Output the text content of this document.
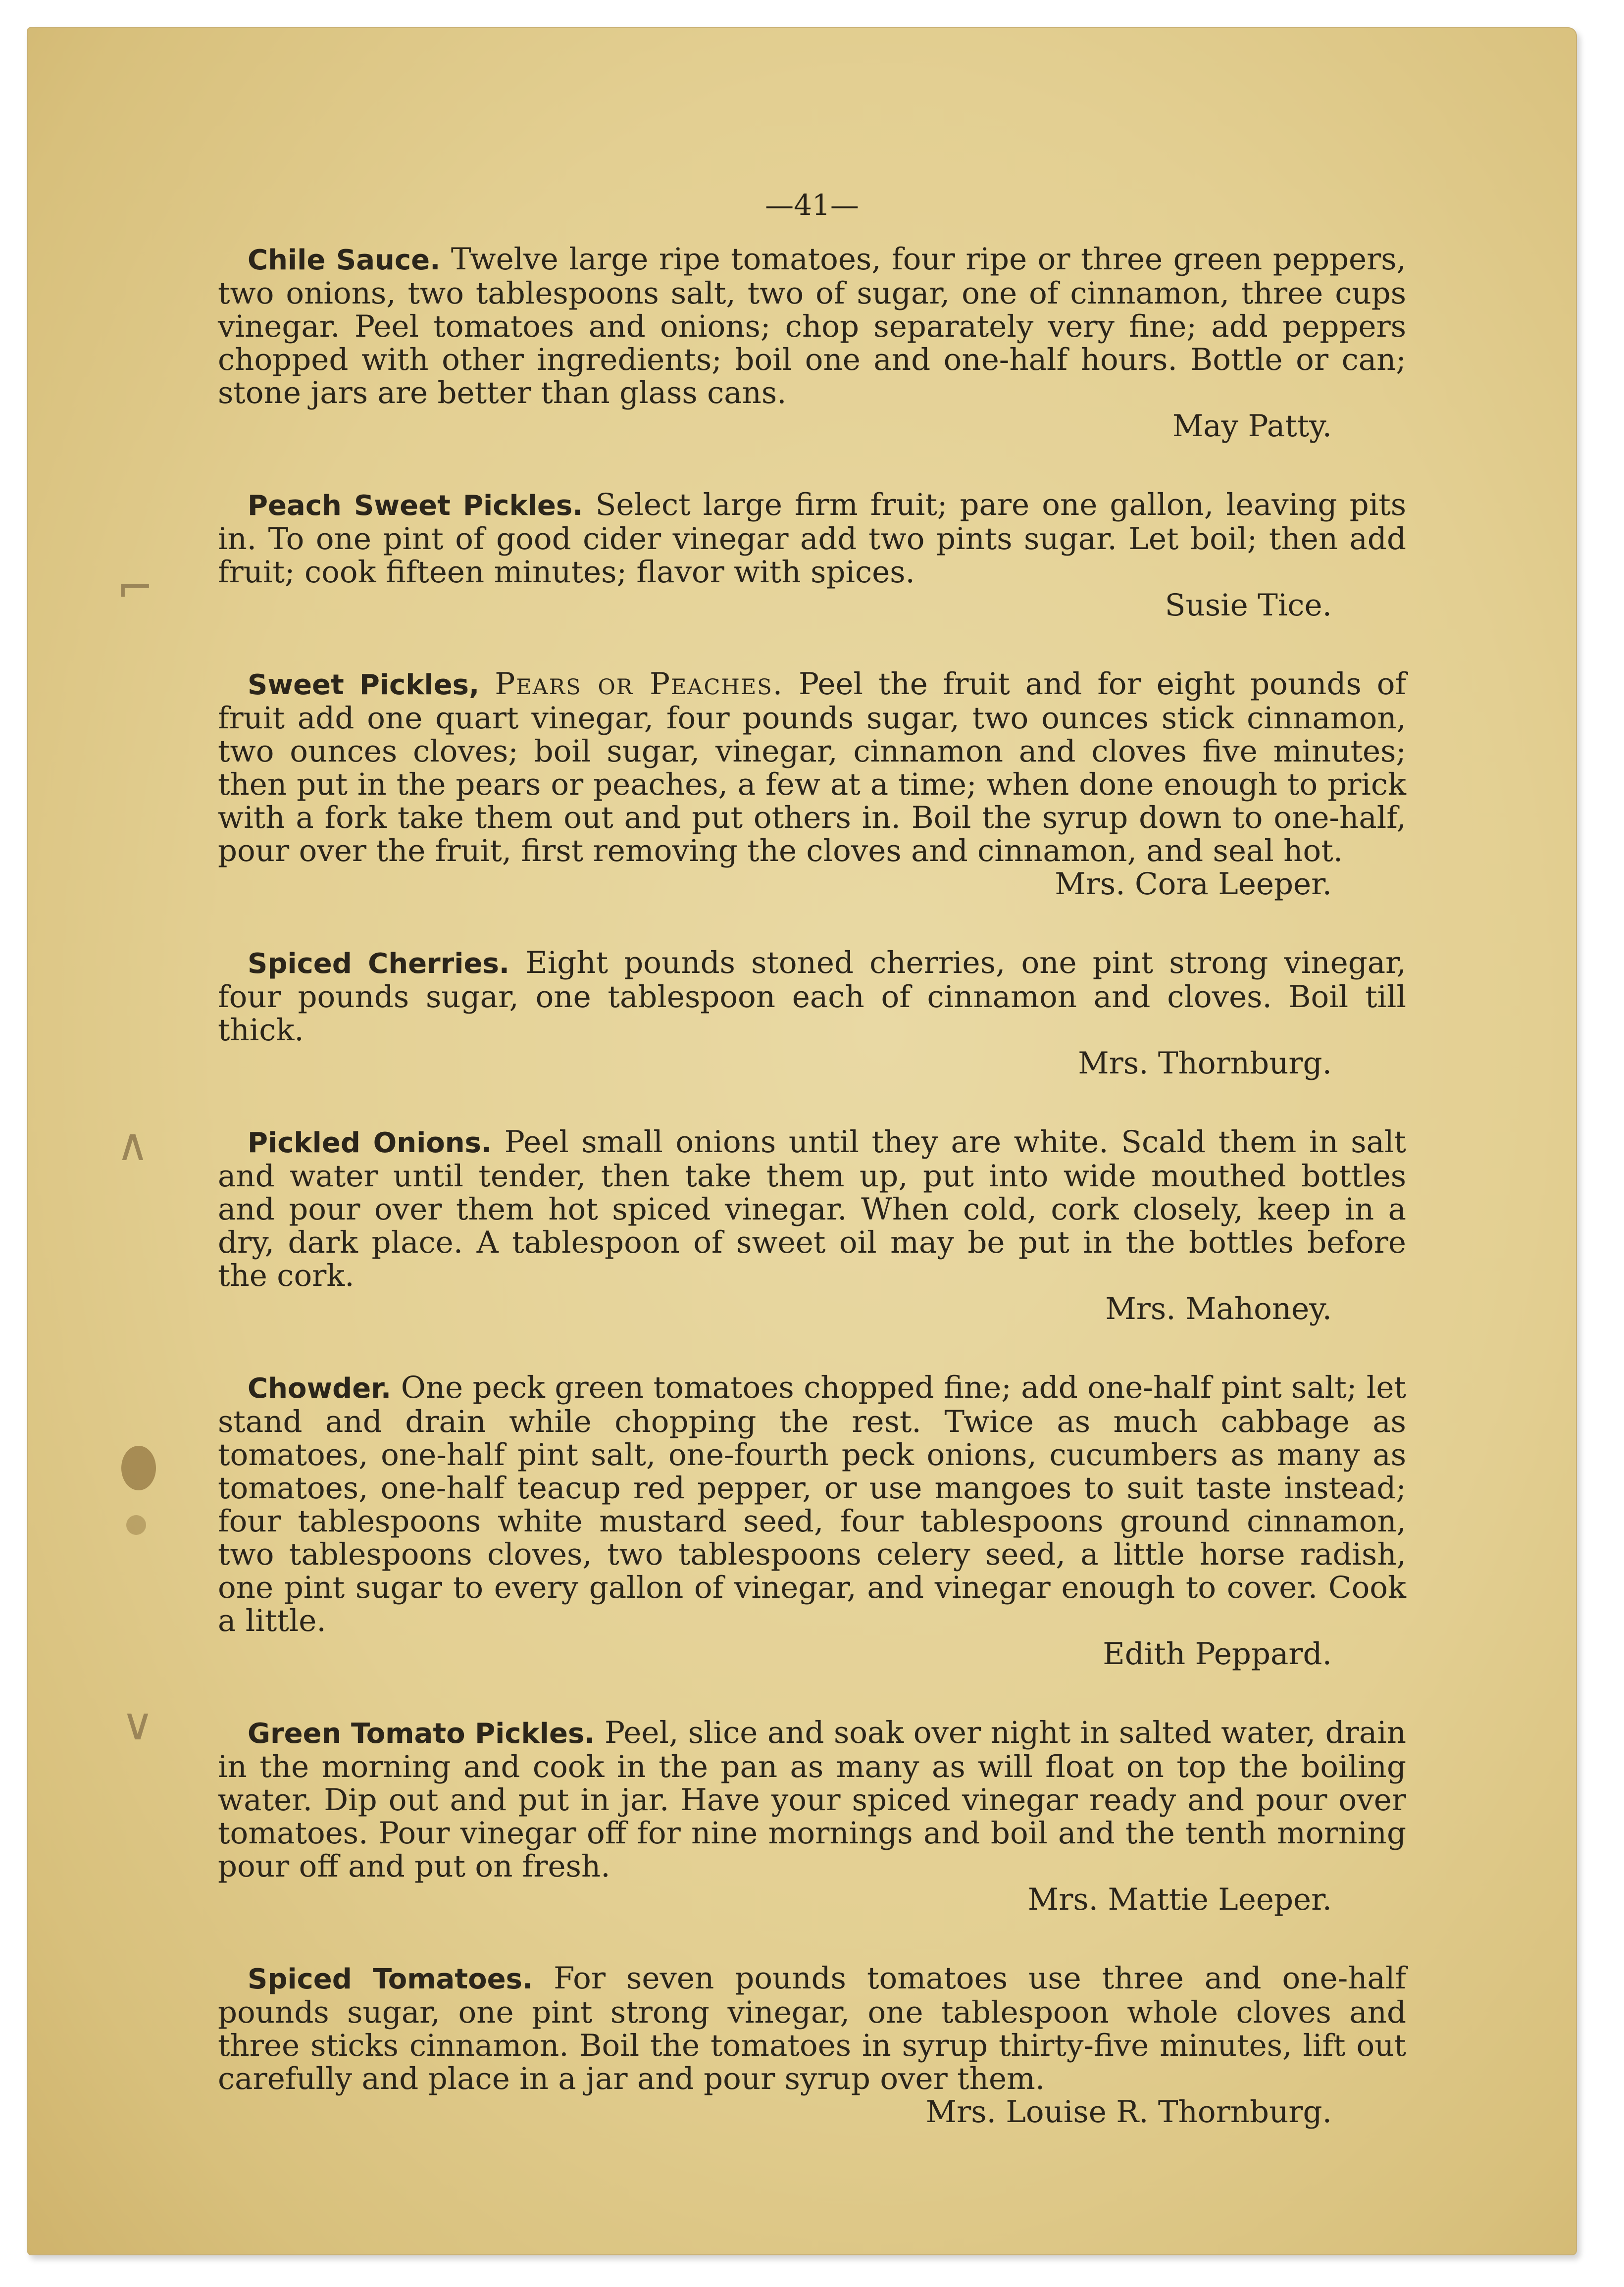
⌐
∧
∨
—41—
Chile Sauce. Twelve large ripe tomatoes, four ripe or three green peppers, two onions, two tablespoons salt, two of sugar, one of cinnamon, three cups vinegar. Peel tomatoes and onions; chop separately very fine; add peppers chopped with other ingredients; boil one and one-half hours. Bottle or can; stone jars are better than glass cans.
May Patty.
Peach Sweet Pickles. Select large firm fruit; pare one gallon, leaving pits in. To one pint of good cider vinegar add two pints sugar. Let boil; then add fruit; cook fifteen minutes; flavor with spices.
Susie Tice.
Sweet Pickles, Pears or Peaches. Peel the fruit and for eight pounds of fruit add one quart vinegar, four pounds sugar, two ounces stick cinnamon, two ounces cloves; boil sugar, vinegar, cinnamon and cloves five minutes; then put in the pears or peaches, a few at a time; when done enough to prick with a fork take them out and put others in. Boil the syrup down to one-half, pour over the fruit, first removing the cloves and cinnamon, and seal hot.
Mrs. Cora Leeper.
Spiced Cherries. Eight pounds stoned cherries, one pint strong vinegar, four pounds sugar, one tablespoon each of cinnamon and cloves. Boil till thick.
Mrs. Thornburg.
Pickled Onions. Peel small onions until they are white. Scald them in salt and water until tender, then take them up, put into wide mouthed bottles and pour over them hot spiced vinegar. When cold, cork closely, keep in a dry, dark place. A tablespoon of sweet oil may be put in the bottles before the cork.
Mrs. Mahoney.
Chowder. One peck green tomatoes chopped fine; add one-half pint salt; let stand and drain while chopping the rest. Twice as much cabbage as tomatoes, one-half pint salt, one-fourth peck onions, cucumbers as many as tomatoes, one-half teacup red pepper, or use mangoes to suit taste instead; four tablespoons white mustard seed, four tablespoons ground cinnamon, two tablespoons cloves, two tablespoons celery seed, a little horse radish, one pint sugar to every gallon of vinegar, and vinegar enough to cover. Cook a little.
Edith Peppard.
Green Tomato Pickles. Peel, slice and soak over night in salted water, drain in the morning and cook in the pan as many as will float on top the boiling water. Dip out and put in jar. Have your spiced vinegar ready and pour over tomatoes. Pour vinegar off for nine mornings and boil and the tenth morning pour off and put on fresh.
Mrs. Mattie Leeper.
Spiced Tomatoes. For seven pounds tomatoes use three and one-half pounds sugar, one pint strong vinegar, one tablespoon whole cloves and three sticks cinnamon. Boil the tomatoes in syrup thirty-five minutes, lift out carefully and place in a jar and pour syrup over them.
Mrs. Louise R. Thornburg.
